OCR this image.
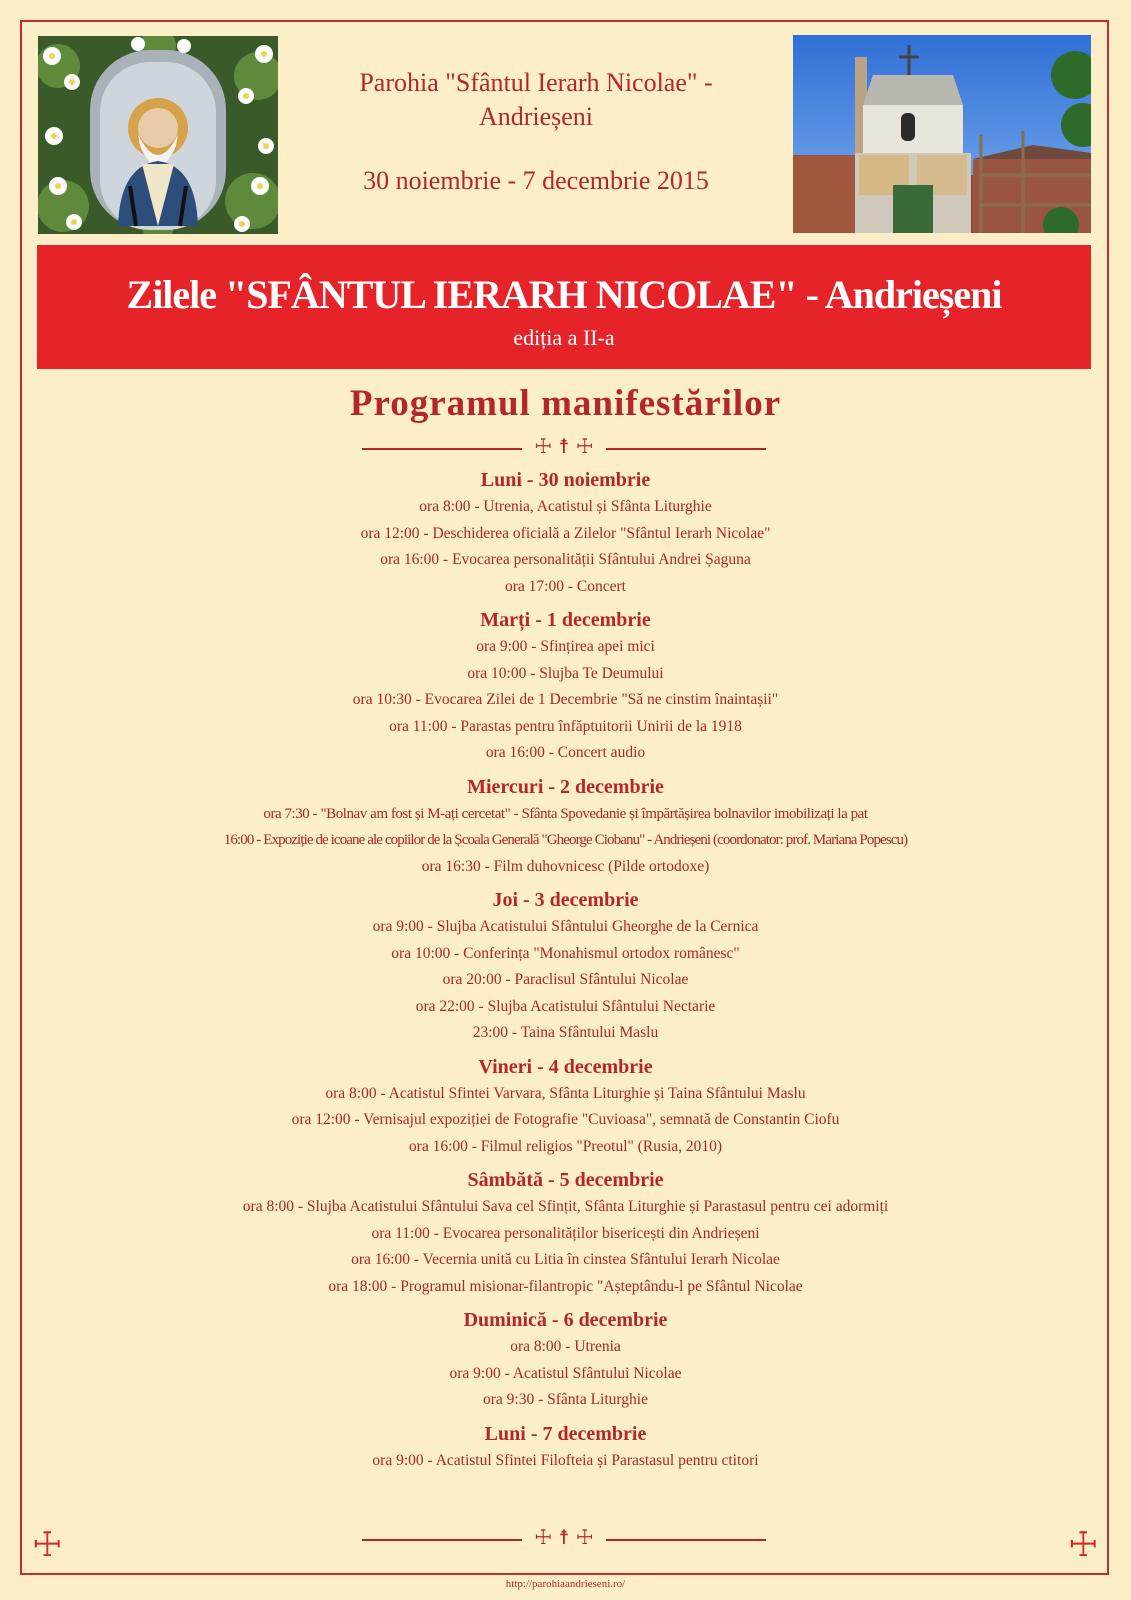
Parohia "Sfântul Ierarh Nicolae" -
Andrieșeni
30 noiembrie - 7 decembrie 2015
Zilele "SFÂNTUL IERARH NICOLAE" - Andrieșeni
ediția a II-a
Programul manifestărilor
☩ ☨ ☩
Luni - 30 noiembrie
ora 8:00 - Utrenia, Acatistul și Sfânta Liturghie
ora 12:00 - Deschiderea oficială a Zilelor "Sfântul Ierarh Nicolae"
ora 16:00 - Evocarea personalității Sfântului Andrei Șaguna
ora 17:00 - Concert
Marți - 1 decembrie
ora 9:00 - Sfințirea apei mici
ora 10:00 - Slujba Te Deumului
ora 10:30 - Evocarea Zilei de 1 Decembrie "Să ne cinstim înaintașii"
ora 11:00 - Parastas pentru înfăptuitorii Unirii de la 1918
ora 16:00 - Concert audio
Miercuri - 2 decembrie
ora 7:30 - "Bolnav am fost și M-ați cercetat" - Sfânta Spovedanie și împărtășirea bolnavilor imobilizați la pat
16:00 - Expoziție de icoane ale copiilor de la Școala Generală "Gheorge Ciobanu" - Andrieșeni (coordonator: prof. Mariana Popescu)
ora 16:30 - Film duhovnicesc (Pilde ortodoxe)
Joi - 3 decembrie
ora 9:00 - Slujba Acatistului Sfântului Gheorghe de la Cernica
ora 10:00 - Conferința "Monahismul ortodox românesc"
ora 20:00 - Paraclisul Sfântului Nicolae
ora 22:00 - Slujba Acatistului Sfântului Nectarie
23:00 - Taina Sfântului Maslu
Vineri - 4 decembrie
ora 8:00 - Acatistul Sfintei Varvara, Sfânta Liturghie și Taina Sfântului Maslu
ora 12:00 - Vernisajul expoziției de Fotografie "Cuvioasa", semnată de Constantin Ciofu
ora 16:00 - Filmul religios "Preotul" (Rusia, 2010)
Sâmbătă - 5 decembrie
ora 8:00 - Slujba Acatistului Sfântului Sava cel Sfințit, Sfânta Liturghie și Parastasul pentru cei adormiți
ora 11:00 - Evocarea personalităților bisericești din Andrieșeni
ora 16:00 - Vecernia unită cu Litia în cinstea Sfântului Ierarh Nicolae
ora 18:00 - Programul misionar-filantropic "Așteptându-l pe Sfântul Nicolae
Duminică - 6 decembrie
ora 8:00 - Utrenia
ora 9:00 - Acatistul Sfântului Nicolae
ora 9:30 - Sfânta Liturghie
Luni - 7 decembrie
ora 9:00 - Acatistul Sfintei Filofteia și Parastasul pentru ctitori
☩ ☨ ☩
☩	☩
http://parohiaandrieseni.ro/
